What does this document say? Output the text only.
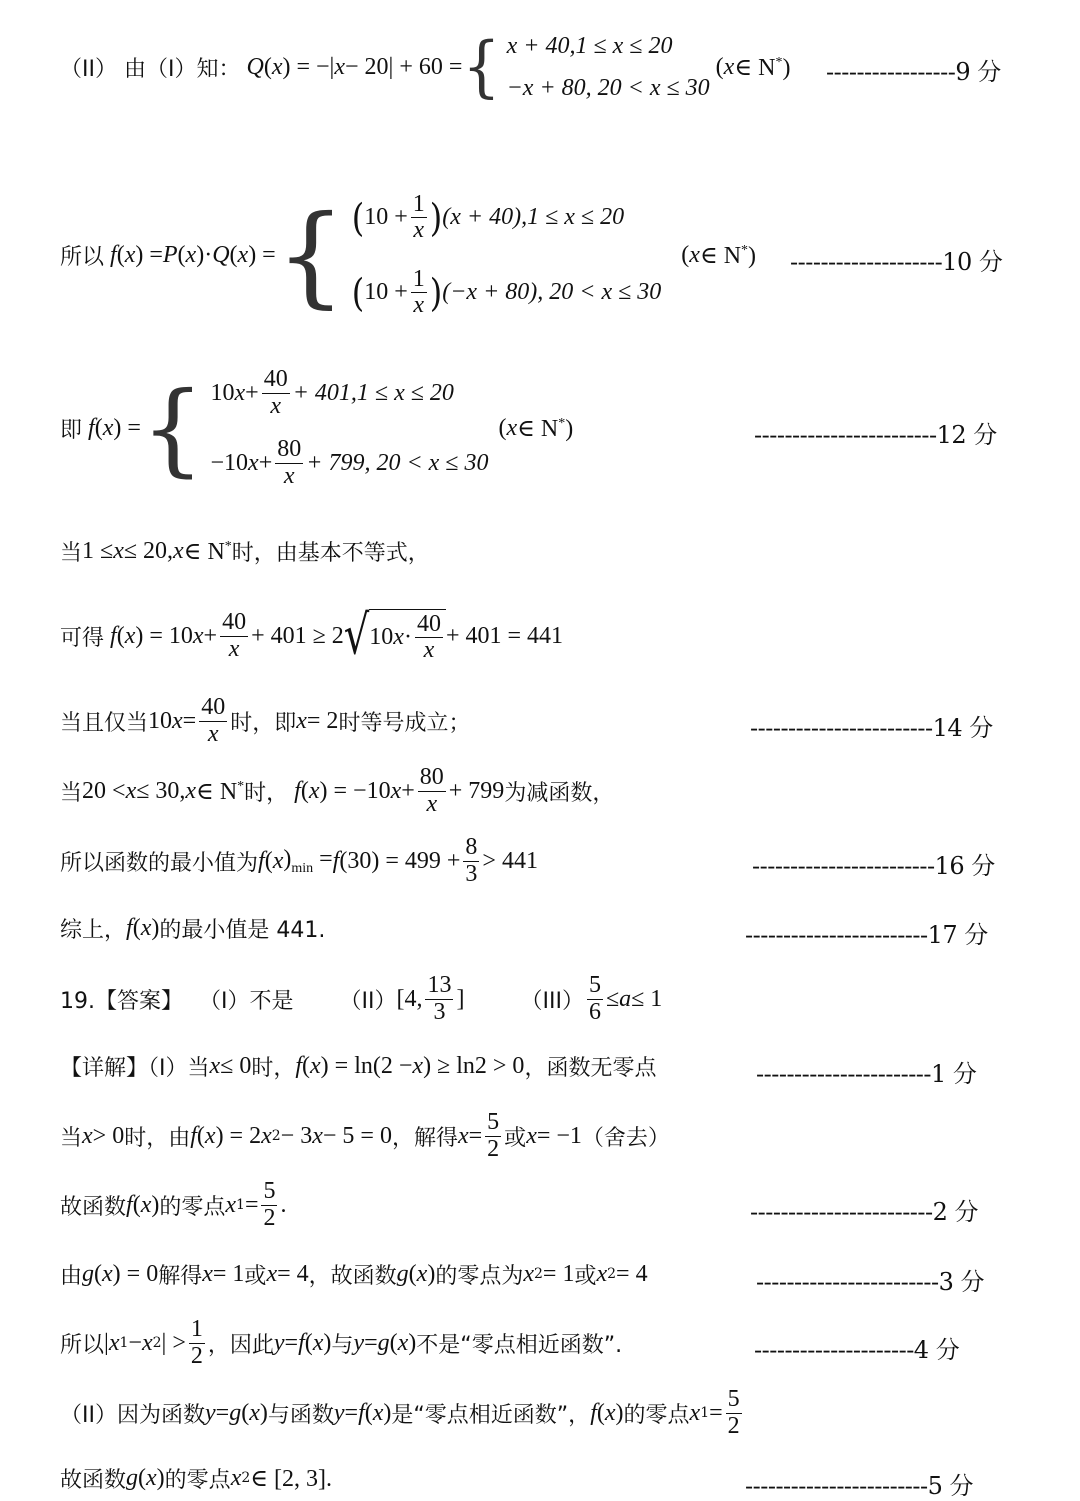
（II） 由（I）知： Q ( x ) = −| x − 20| + 60 = { x + 40,1 ≤ x ≤ 20
−x + 80, 20 < x ≤ 30
( x ∈ N*) -----------------9 分
所以 f ( x ) = P ( x )· Q ( x ) = { ( $10 + \frac{1}{x}$ ) (x + 40),1 ≤ x ≤ 20
( $10 + \frac{1}{x}$ ) (−x + 80), 20 < x ≤ 30
( x ∈ N*) --------------------10 分
即 f ( x ) = { 10 $x + \frac{40}{x} + 401,1 \le x \le 20$
−10 $x + \frac{80}{x} + 799$, 20 < x ≤ 30
( x ∈ N*)	------------------------12 分
当 1 ≤ x ≤ 20, x ∈ N* 时，由基本不等式，
可得 f ( x ) = 10 $x + \frac{40}{x} + 401 \ge 2$ √ 10 $x \cdot \frac{40}{x} + 401 = 441$
当且仅当 10 $x = \frac{40}{x}$ 时，即 x = 2 时等号成立；	------------------------14 分
当 20 < x ≤ 30, x ∈ N* 时， f ( x ) = −10 $x + \frac{80}{x} + 799$ 为减函数，
所以函数的最小值为 f ( x )$_{min} = f$ $(30) = 499 + \frac{8}{3} > 441$	------------------------16 分
综上， f ( x ) 的最小值是 441.	------------------------17 分
19.【答案】 （I）不是 （II） [4, $\frac{13}{3}$ ]	$(III) \frac{5}{6} \le a \le 1$
【详解】（I）当 x ≤ 0 时， f ( x ) = ln(2 − x ) ≥ ln2 > 0 ，函数无零点	-----------------------1 分
当 x > 0 时，由 f ( x ) = 2 x 2 − 3 x − 5 = 0 ，解得 $x = \frac{5}{2}$ 或 x = −1 （舍去）
故函数 f ( x ) 的零点 x $1 = \frac{5}{2}$ .	------------------------2 分
由 g ( x ) = 0 解得 x = 1 或 x = 4 ，故函数 g ( x ) 的零点为 x 2 = 1 或 x 2 = 4	------------------------3 分
所以 | x 1 − x 2 | > $\frac{1}{2}$ ，因此 y = f ( x ) 与 y = g ( x ) 不是“零点相近函数”.	---------------------4 分
（II）因为函数 y = g ( x ) 与函数 y = f ( x ) 是“零点相近函数”， f ( x ) 的零点 x $1 = \frac{5}{2}$
故函数 g ( x ) 的零点 x 2 ∈ [2, 3].	------------------------5 分
